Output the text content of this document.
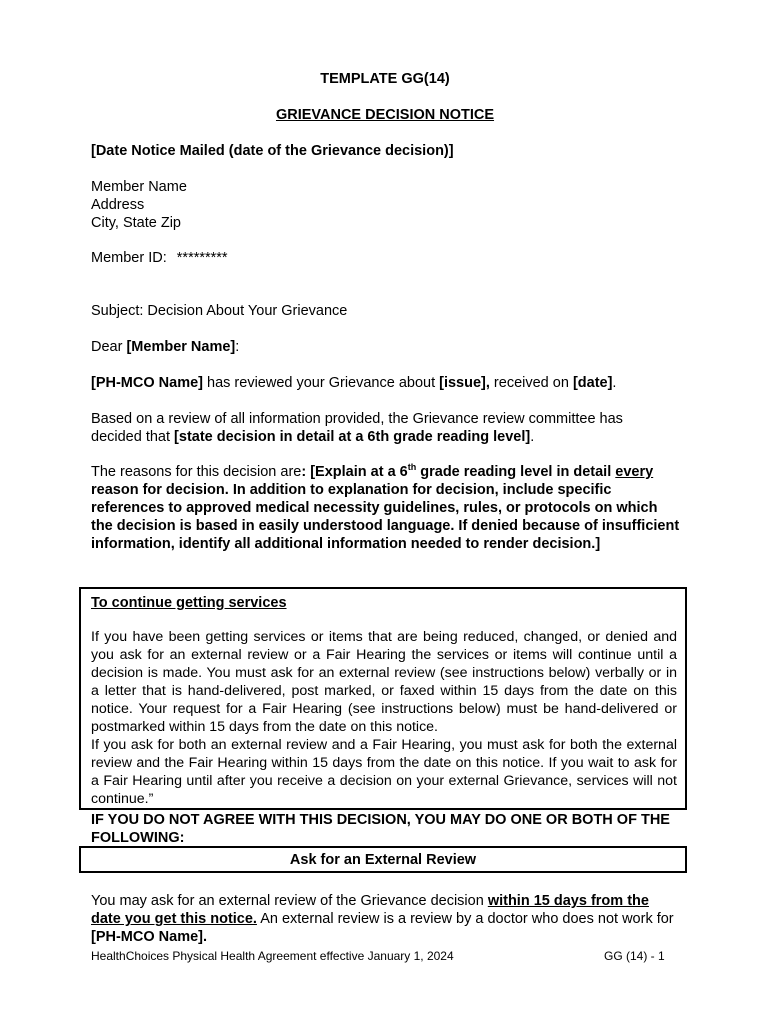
TEMPLATE GG(14)
GRIEVANCE DECISION NOTICE

[Date Notice Mailed (date of the Grievance decision)]

Member Name
Address
City, State Zip

Member ID: *********

Subject: Decision About Your Grievance

Dear [Member Name]:

[PH-MCO Name] has reviewed your Grievance about [issue], received on [date].

Based on a review of all information provided, the Grievance review committee has decided that [state decision in detail at a 6th grade reading level].

The reasons for this decision are: [Explain at a 6th grade reading level in detail every reason for decision. In addition to explanation for decision, include specific references to approved medical necessity guidelines, rules, or protocols on which the decision is based in easily understood language. If denied because of insufficient information, identify all additional information needed to render decision.]

To continue getting services
If you have been getting services or items that are being reduced, changed, or denied and you ask for an external review or a Fair Hearing the services or items will continue until a decision is made. You must ask for an external review (see instructions below) verbally or in a letter that is hand-delivered, post marked, or faxed within 15 days from the date on this notice. Your request for a Fair Hearing (see instructions below) must be hand-delivered or postmarked within 15 days from the date on this notice.
If you ask for both an external review and a Fair Hearing, you must ask for both the external review and the Fair Hearing within 15 days from the date on this notice. If you wait to ask for a Fair Hearing until after you receive a decision on your external Grievance, services will not continue.”

IF YOU DO NOT AGREE WITH THIS DECISION, YOU MAY DO ONE OR BOTH OF THE FOLLOWING:

Ask for an External Review

You may ask for an external review of the Grievance decision within 15 days from the date you get this notice. An external review is a review by a doctor who does not work for [PH-MCO Name].

HealthChoices Physical Health Agreement effective January 1, 2024	GG (14) - 1
